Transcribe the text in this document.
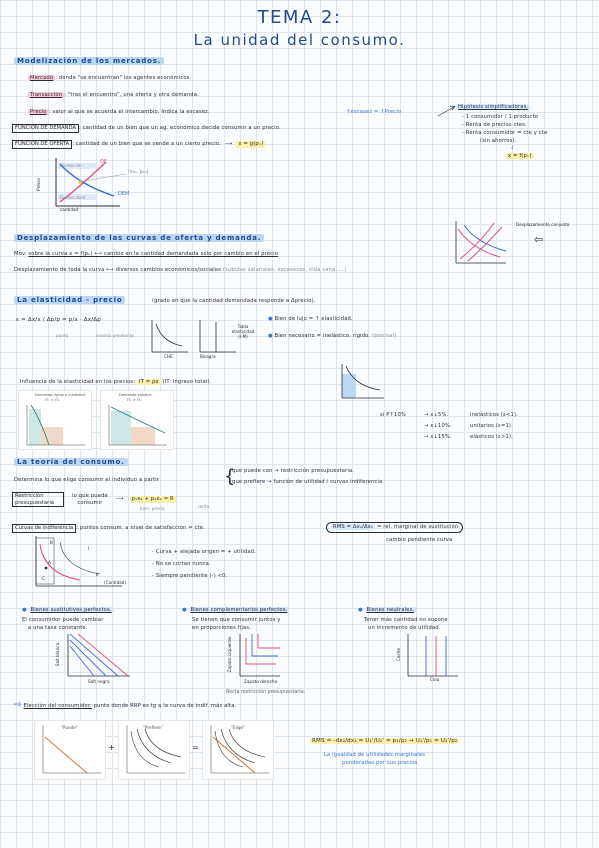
TEMA 2:
La unidad del consumo.
Modelización de los mercados.
Mercado : donde "se encuentran" los agentes económicos.
Transacción : "tras el encuentro", una oferta y otra demanda.
Precio : valor al que se acuerda el intercambio. Indica la escasez.	↑escasez = ↑Precio
FUNCIÓN DE DEMANDA : cantidad de un bien que un ag. económico decide consumir a un precio.
FUNCIÓN DE OFERTA : cantidad de un bien que se vende a un cierto precio. ⟶	x = g(pₓ)
Hipótesis simplificadoras.
- 1 consumidor / 1 producto
- Renta de precios ctes.
- Renta consumidor = cte y cte
(sin ahorros).
↓
x = f(pₓ)
Exceso de
OF
(x₀₀, p₀₀)
Exceso dem.
DEM
Precio
cantidad
Desplazamiento de las curvas de oferta y demanda.
Mov. sobre la curva x = f(pₓ) ⟷ cambio en la cantidad demandada sólo por cambio en el precio
Desplazamiento de toda la curva ⟷ diversos cambios económicos/sociales (subidas salariales, escaseces, vida sana, ...)
Desplazamiento conjunto
⇦
La elasticidad - precio	(grado en que la cantidad demandada responde a Δprecio).
ε = Δx/x / Δp/p = p/x · Δx/Δp
punto	inversa pendiente
CHE	Bisagra
Tabla elasticidad (I·M)
● Bien de lujo = ↑ elasticidad.
● Bien necesario = inelástico, rígido. (pan/sal)
Influencia de la elasticidad en los precios: IT = px (IT: ingreso total).
Demanda rígida o inelástica
IT₁ < IT₂
Demanda elástica
IT₁ > IT₂
si P↑10%	→ x↓5%.	inelásticos (ε<1).
→ x↓10%.	unitarios (ε=1).
→ x↓15%.	elásticos (ε>1).
La teoría del consumo.
Determina lo que elige consumir el individuo a partir	{
que puede con → restricción presupuestaria.
que prefiere → función de utilidad / curvas indiferencia
Restricción presupuestaria
lo que puede consumir
⟶	p₁x₁ + p₂x₂ = R
bien, precio	renta
Curvas de indiferencia : puntos consum. a nivel de satisfacción = cte.	RMS = Δx₂/Δx₁ = rel. marginal de sustitución
cambio pendiente curva
B
A
C
(Cantidad)
I
II
- Curva + alejada origen = + utilidad.
- No se cortan nunca.
- Siempre pendiente (-) <0.
● Bienes sustitutivos perfectos.
El consumidor puede cambiar
a una tasa constante.
Salt blanca
Salt negra
● Bienes complementarios perfectos.
Se tienen que consumir juntos y
en proporciones fijas.
Zapato izquierdo
Zapato derecho
● Bienes neutrales.
Tener más cantidad no supone
un incremento de utilidad.
Coche
Cola
Recta restricción presupuestaria.
⇨ Elección del consumidor: punto donde RRP es tg a la curva de indif. más alta.
"Puede"
+
"Prefiere"
=
"Elige"
RMS = -dx₂/dx₁ = U₁'/U₂' = p₁/p₂ → U₁'/p₁ = U₂'/p₂
La igualdad de utilidades marginales
ponderadas por sus precios.
